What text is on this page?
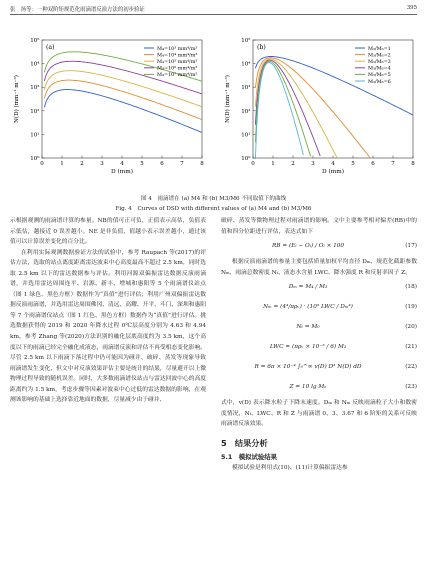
张　扬等：一种双阶矩规范化雨滴谱反演方法的初步验证	395
0	1	2	3	4	5	6	7	8
10⁰
10¹
10²
10³
10⁴
10⁵
D (mm)
N(D) (mm⁻¹ m⁻³)
(a)	M₄=10³ mm⁴/m³
M₄=10⁴ mm⁴/m³
M₄=10⁵ mm⁴/m³
M₄=10⁶ mm⁴/m³
M₄=10⁷ mm⁴/m³
0	1	2	3	4	5	6	7	8
10⁰
10¹
10²
10³
10⁴
10⁵
D (mm)
N(D) (mm⁻¹ m⁻³)
(b)	M₃/M₆=1
M₃/M₆=2
M₃/M₆=3
M₃/M₆=4
M₃/M₆=5
M₃/M₆=6
图 4　雨滴谱在 (a) M4 和 (b) M3/M6 不同取值下的曲线
Fig. 4　Curves of DSD with different values of (a) M4 and (b) M3/M6

示根据观测的雨滴谱计算的参量。NB的值可正可负，正值表示高估，负值表示低估，越接近 0 误差越小。NE 是非负值，值越小表示误差越小，通过该值可以计算误差变化的百分比。

在利用实际观测数据验证方法的试验中，参考 Raupach 等(2017)的评估方法，选取的站点离度距离雷达波束中心高度最高不超过 2.5 km，同时选取 2.5 km 以下的雷达数据参与评估。利用河源双偏振雷达数据反演雨滴谱，并选用雷达周围连平、岩源、新丰、增城和惠阳等 5 个雨滴谱仪站点（图 1 绿色、黑色方框）数据作为“真值”进行评估；利用广州双偏振雷达数据反演雨滴谱，并选用雷达周围佛冈、清远、高耀、开平、斗门、深圳和惠阳等 7 个雨滴谱仪站点（图 1 红色、黑色方框）数据作为“真值”进行评估。挑选数据获得的 2019 和 2020 年降水过程 0℃层高度分别为 4.63 和 4.94 km，参考 Zhang 等(2020)方法识别的融化层底高度约为 3.5 km，这个高度以下的雨滴已经完全融化成液态，雨滴谱反演和评估不再受相态变化影响。尽管 2.5 km 以下雨滴下落过程中仍可能因为碰并、破碎、蒸发等现象导致雨滴谱发生变化，但文中对反演效果评估主要是统计的结果，尽量避开以上微物理过程导致的随机误差。同时，大多数雨滴谱仪站点与雷达回波中心的高度距离约为 1.5 km，考虑步骤等因素对波束中心过低的雷达数据的影响，在观测该影响的基础上选择靠近地面的数据，尽量减少由于碰并、

破碎、蒸发等微物理过程对雨滴谱的影响。文中主要参考相对偏差(RB)中的值和四分位距进行评估，表达式如下

RB = (Eᵢ − Oᵢ) / Oᵢ × 100	(17)

根据反演雨滴谱的参量主要包括质量加权平均直径 Dₘ、规范化截距参数 Nₘ、雨滴总数密度 Nₜ、液态水含量 LWC、降水强度 R 和反射率因子 Z。

Dₘ = M₄ / M₃	(18)
Nₘ = (4⁴/πρᵥ) · (10³ LWC / Dₘ⁴)	(19)
Nₜ = M₀	(20)
LWC = (πρᵥ × 10⁻³ / 6) M₃	(21)
R = 6π × 10⁻⁴ ∫₀^∞ v(D) D³ N(D) dD	(22)
Z = 10 lg Mₑ	(23)

式中，v(D) 表示降水粒子下降末速度。Dₘ 和 Nₘ 反映雨滴粒子大小和数密度情况，Nₜ、LWC、R 和 Z 与雨滴谱 0、3、3.67 和 6 阶矩的关系可反映雨滴谱反演效果。

5　结果分析
5.1　模拟试验结果

模拟试验是利用式(10)、(11)计算偏振雷达参
